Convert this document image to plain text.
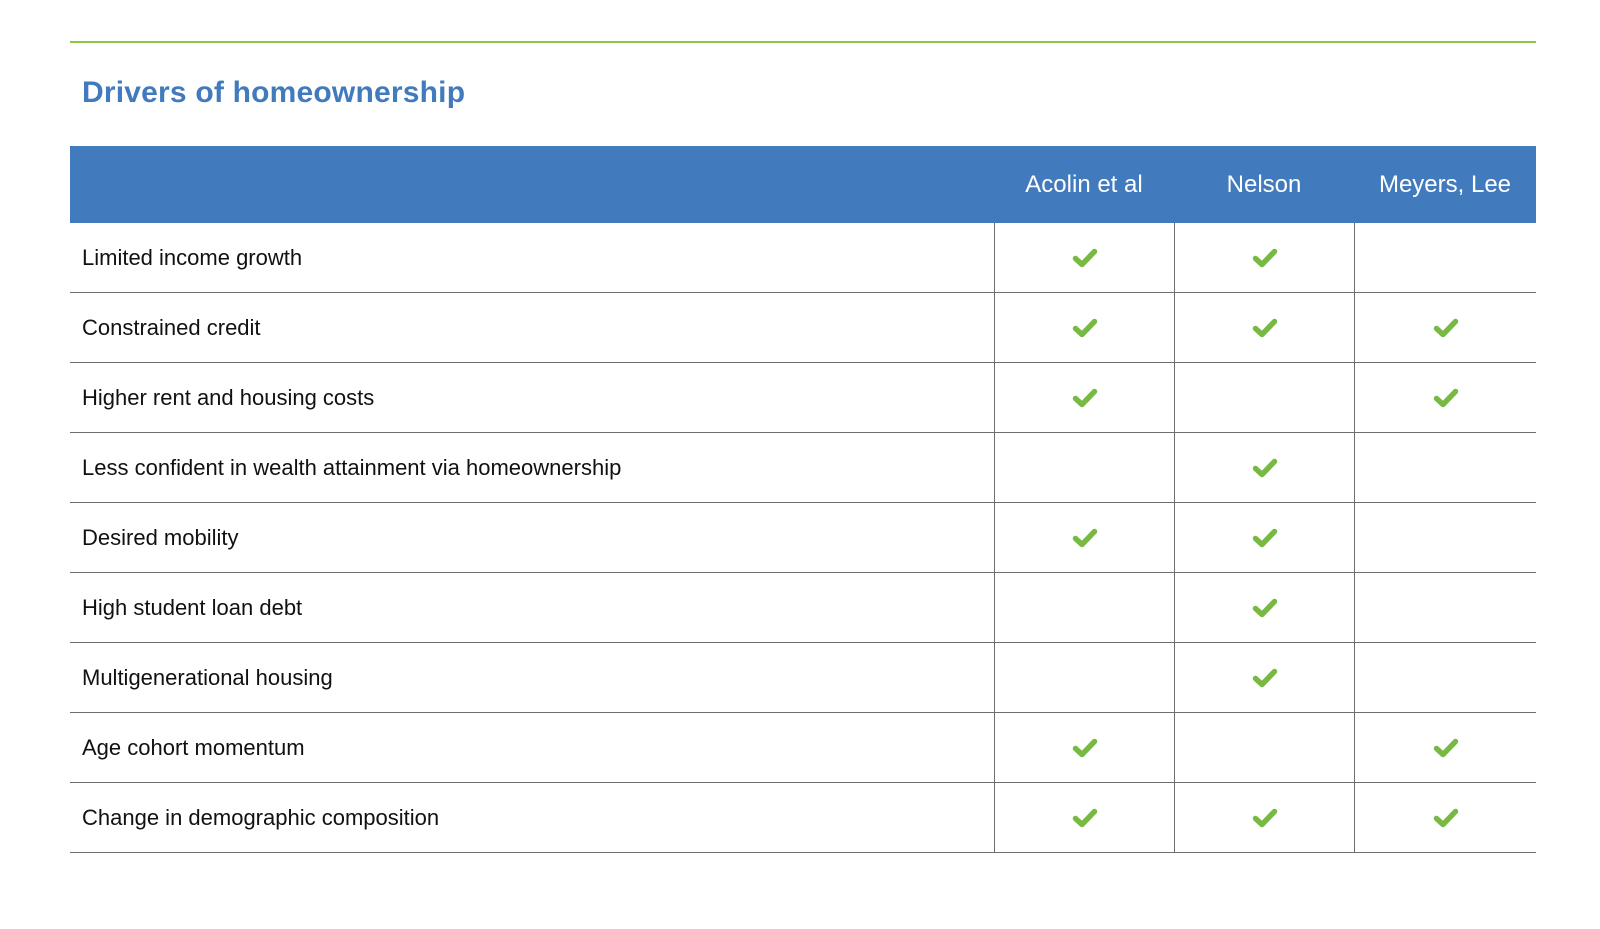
Drivers of homeownership
Acolin et al	Nelson	Meyers, Lee
Limited income growth
Constrained credit
Higher rent and housing costs
Less confident in wealth attainment via homeownership
Desired mobility
High student loan debt
Multigenerational housing
Age cohort momentum
Change in demographic composition
